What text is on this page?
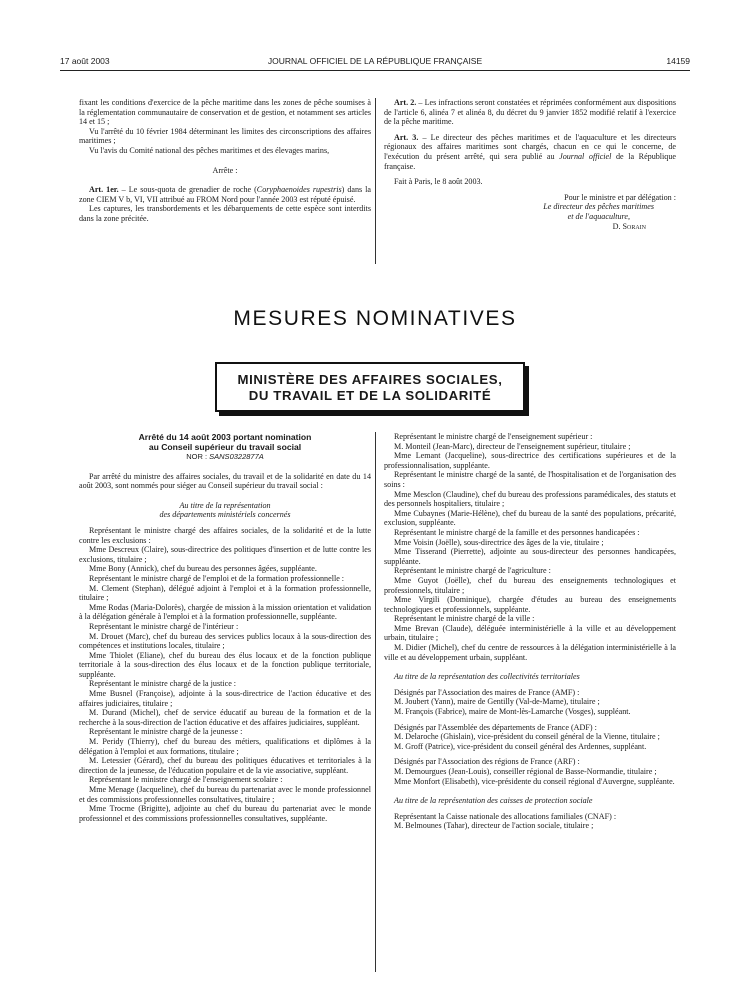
17 août 2003	JOURNAL OFFICIEL DE LA RÉPUBLIQUE FRANÇAISE	14159

fixant les conditions d'exercice de la pêche maritime dans les zones de pêche soumises à la réglementation communautaire de conservation et de gestion, et notamment ses articles 14 et 15 ;

Vu l'arrêté du 10 février 1984 déterminant les limites des circonscriptions des affaires maritimes ;

Vu l'avis du Comité national des pêches maritimes et des élevages marins,

Arrête :

Art. 1er. – Le sous-quota de grenadier de roche (Coryphaenoides rupestris) dans la zone CIEM V b, VI, VII attribué au FROM Nord pour l'année 2003 est réputé épuisé.

Les captures, les transbordements et les débarquements de cette espèce sont interdits dans la zone précitée.

Art. 2. – Les infractions seront constatées et réprimées conformément aux dispositions de l'article 6, alinéa 7 et alinéa 8, du décret du 9 janvier 1852 modifié relatif à l'exercice de la pêche maritime.

Art. 3. – Le directeur des pêches maritimes et de l'aquaculture et les directeurs régionaux des affaires maritimes sont chargés, chacun en ce qui le concerne, de l'exécution du présent arrêté, qui sera publié au Journal officiel de la République française.

Fait à Paris, le 8 août 2003.

Pour le ministre et par délégation :

Le directeur des pêches maritimes

et de l'aquaculture,

D. Sorain

MESURES NOMINATIVES
MINISTÈRE DES AFFAIRES SOCIALES,
DU TRAVAIL ET DE LA SOLIDARITÉ

Arrêté du 14 août 2003 portant nomination

au Conseil supérieur du travail social

NOR : SANS0322877A

Par arrêté du ministre des affaires sociales, du travail et de la solidarité en date du 14 août 2003, sont nommés pour siéger au Conseil supérieur du travail social :

Au titre de la représentation

des départements ministériels concernés

Représentant le ministre chargé des affaires sociales, de la solidarité et de la lutte contre les exclusions :

Mme Descreux (Claire), sous-directrice des politiques d'insertion et de lutte contre les exclusions, titulaire ;

Mme Bony (Annick), chef du bureau des personnes âgées, suppléante.

Représentant le ministre chargé de l'emploi et de la formation professionnelle :

M. Clement (Stephan), délégué adjoint à l'emploi et à la formation professionnelle, titulaire ;

Mme Rodas (Maria-Dolorès), chargée de mission à la mission orientation et validation à la délégation générale à l'emploi et à la formation professionnelle, suppléante.

Représentant le ministre chargé de l'intérieur :

M. Drouet (Marc), chef du bureau des services publics locaux à la sous-direction des compétences et institutions locales, titulaire ;

Mme Thiolet (Eliane), chef du bureau des élus locaux et de la fonction publique territoriale à la sous-direction des élus locaux et de la fonction publique territoriale, suppléante.

Représentant le ministre chargé de la justice :

Mme Busnel (Françoise), adjointe à la sous-directrice de l'action éducative et des affaires judiciaires, titulaire ;

M. Durand (Michel), chef de service éducatif au bureau de la formation et de la recherche à la sous-direction de l'action éducative et des affaires judiciaires, suppléant.

Représentant le ministre chargé de la jeunesse :

M. Peridy (Thierry), chef du bureau des métiers, qualifications et diplômes à la délégation à l'emploi et aux formations, titulaire ;

M. Letessier (Gérard), chef du bureau des politiques éducatives et territoriales à la direction de la jeunesse, de l'éducation populaire et de la vie associative, suppléant.

Représentant le ministre chargé de l'enseignement scolaire :

Mme Menage (Jacqueline), chef du bureau du partenariat avec le monde professionnel et des commissions professionnelles consultatives, titulaire ;

Mme Trocme (Brigitte), adjointe au chef du bureau du partenariat avec le monde professionnel et des commissions professionnelles consultatives, suppléante.

Représentant le ministre chargé de l'enseignement supérieur :

M. Monteil (Jean-Marc), directeur de l'enseignement supérieur, titulaire ;

Mme Lemant (Jacqueline), sous-directrice des certifications supérieures et de la professionnalisation, suppléante.

Représentant le ministre chargé de la santé, de l'hospitalisation et de l'organisation des soins :

Mme Mesclon (Claudine), chef du bureau des professions paramédicales, des statuts et des personnels hospitaliers, titulaire ;

Mme Cubaynes (Marie-Hélène), chef du bureau de la santé des populations, précarité, exclusion, suppléante.

Représentant le ministre chargé de la famille et des personnes handicapées :

Mme Voisin (Joëlle), sous-directrice des âges de la vie, titulaire ;

Mme Tisserand (Pierrette), adjointe au sous-directeur des personnes handicapées, suppléante.

Représentant le ministre chargé de l'agriculture :

Mme Guyot (Joëlle), chef du bureau des enseignements technologiques et professionnels, titulaire ;

Mme Virgili (Dominique), chargée d'études au bureau des enseignements technologiques et professionnels, suppléante.

Représentant le ministre chargé de la ville :

Mme Brevan (Claude), déléguée interministérielle à la ville et au développement urbain, titulaire ;

M. Didier (Michel), chef du centre de ressources à la délégation interministérielle à la ville et au développement urbain, suppléant.

Au titre de la représentation des collectivités territoriales

Désignés par l'Association des maires de France (AMF) :

M. Joubert (Yann), maire de Gentilly (Val-de-Marne), titulaire ;

M. François (Fabrice), maire de Mont-lès-Lamarche (Vosges), suppléant.

Désignés par l'Assemblée des départements de France (ADF) :

M. Delaroche (Ghislain), vice-président du conseil général de la Vienne, titulaire ;

M. Groff (Patrice), vice-président du conseil général des Ardennes, suppléant.

Désignés par l'Association des régions de France (ARF) :

M. Demourgues (Jean-Louis), conseiller régional de Basse-Normandie, titulaire ;

Mme Monfort (Elisabeth), vice-présidente du conseil régional d'Auvergne, suppléante.

Au titre de la représentation des caisses de protection sociale

Représentant la Caisse nationale des allocations familiales (CNAF) :

M. Belmounes (Tahar), directeur de l'action sociale, titulaire ;
